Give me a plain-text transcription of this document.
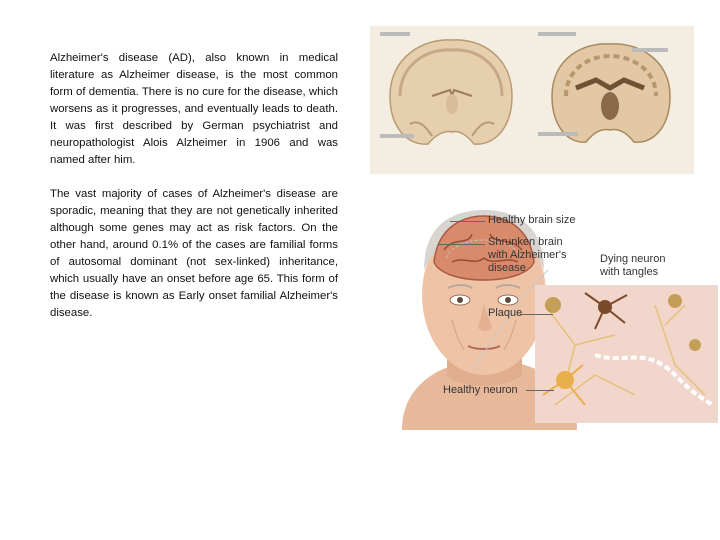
Alzheimer's disease (AD), also known in medical literature as Alzheimer disease, is the most common form of dementia. There is no cure for the disease, which worsens as it progresses, and eventually leads to death. It was first described by German psychiatrist and neuropathologist Alois Alzheimer in 1906 and was named after him.

The vast majority of cases of Alzheimer's disease are sporadic, meaning that they are not genetically inherited although some genes may act as risk factors. On the other hand, around 0.1% of the cases are familial forms of autosomal dominant (not sex-linked) inheritance, which usually have an onset before age 65. This form of the disease is known as Early onset familial Alzheimer's disease.

Healthy brain size
Shrunken brain with Alzheimer's disease
Dying neuron with tangles
Plaque
Healthy neuron
